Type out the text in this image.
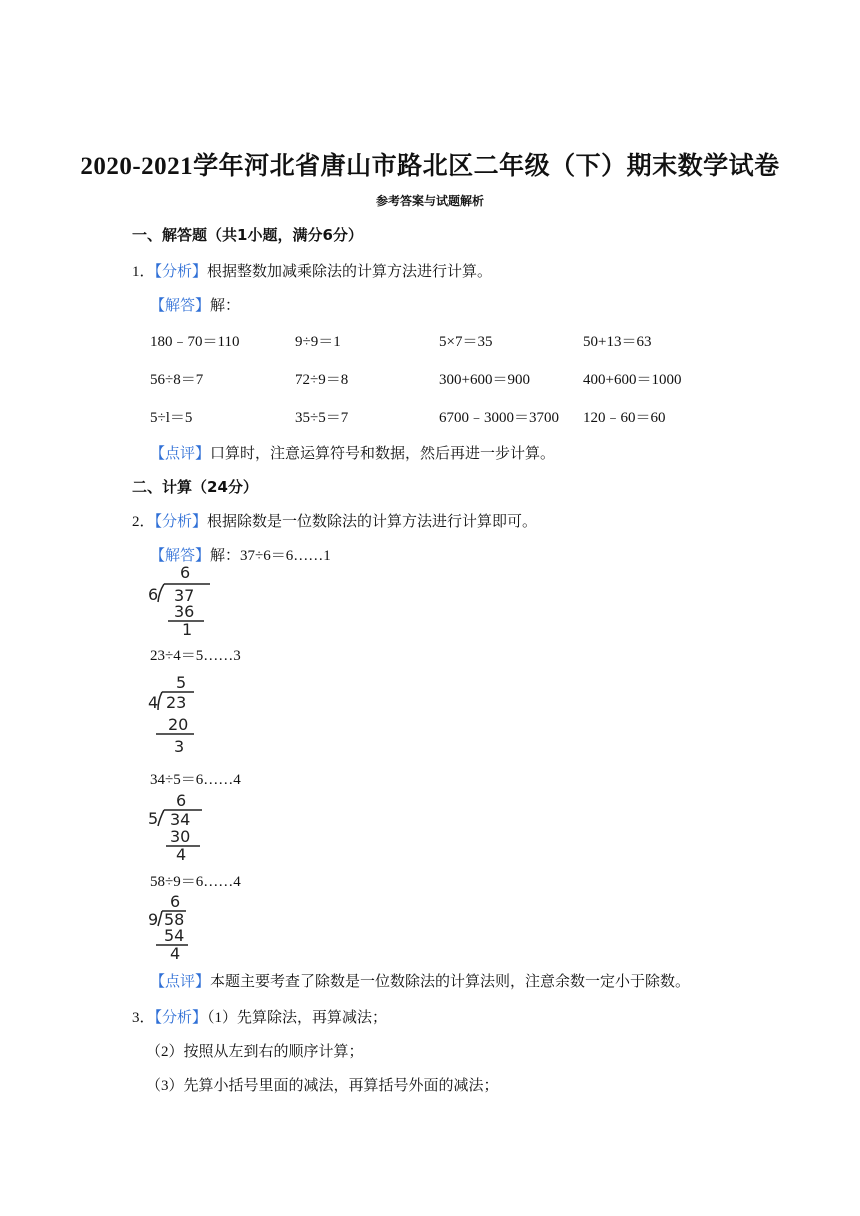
2020-2021学年河北省唐山市路北区二年级（下）期末数学试卷
参考答案与试题解析
一、解答题（共1小题，满分6分）
1．【分析】根据整数加减乘除法的计算方法进行计算。
【解答】解：
180﹣70＝110	9÷9＝1	5×7＝35	50+13＝63
56÷8＝7	72÷9＝8	300+600＝900	400+600＝1000
5÷l＝5	35÷5＝7	6700﹣3000＝3700 120﹣60＝60
【点评】口算时，注意运算符号和数据，然后再进一步计算。
二、计算（24分）
2．【分析】根据除数是一位数除法的计算方法进行计算即可。
【解答】解：37÷6＝6……1
6
6 37
36
1
23÷4＝5……3
5
4 23
20
3
34÷5＝6……4
6
5 34
30
4
58÷9＝6……4
6
9 58
54
4
【点评】本题主要考查了除数是一位数除法的计算法则，注意余数一定小于除数。
3．【分析】（1）先算除法，再算减法；
（2）按照从左到右的顺序计算；
（3）先算小括号里面的减法，再算括号外面的减法；
